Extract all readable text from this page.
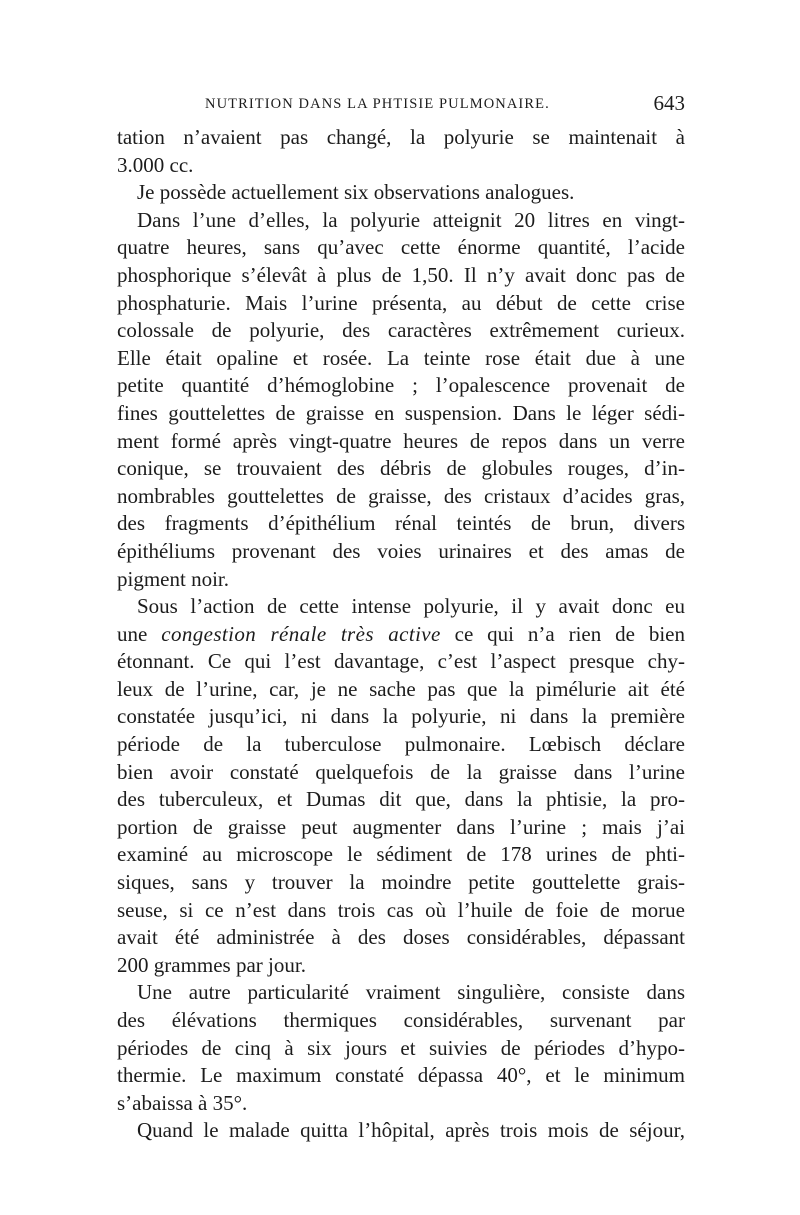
NUTRITION DANS LA PHTISIE PULMONAIRE.	643
tation n’avaient pas changé, la polyurie se maintenait à
3.000 cc.
Je possède actuellement six observations analogues.
Dans l’une d’elles, la polyurie atteignit 20 litres en vingt-
quatre heures, sans qu’avec cette énorme quantité, l’acide
phosphorique s’élevât à plus de 1,50. Il n’y avait donc pas de
phosphaturie. Mais l’urine présenta, au début de cette crise
colossale de polyurie, des caractères extrêmement curieux.
Elle était opaline et rosée. La teinte rose était due à une
petite quantité d’hémoglobine ; l’opalescence provenait de
fines gouttelettes de graisse en suspension. Dans le léger sédi-
ment formé après vingt-quatre heures de repos dans un verre
conique, se trouvaient des débris de globules rouges, d’in-
nombrables gouttelettes de graisse, des cristaux d’acides gras,
des fragments d’épithélium rénal teintés de brun, divers
épithéliums provenant des voies urinaires et des amas de
pigment noir.
Sous l’action de cette intense polyurie, il y avait donc eu
une congestion rénale très active ce qui n’a rien de bien
étonnant. Ce qui l’est davantage, c’est l’aspect presque chy-
leux de l’urine, car, je ne sache pas que la pimélurie ait été
constatée jusqu’ici, ni dans la polyurie, ni dans la première
période de la tuberculose pulmonaire. Lœbisch déclare
bien avoir constaté quelquefois de la graisse dans l’urine
des tuberculeux, et Dumas dit que, dans la phtisie, la pro-
portion de graisse peut augmenter dans l’urine ; mais j’ai
examiné au microscope le sédiment de 178 urines de phti-
siques, sans y trouver la moindre petite gouttelette grais-
seuse, si ce n’est dans trois cas où l’huile de foie de morue
avait été administrée à des doses considérables, dépassant
200 grammes par jour.
Une autre particularité vraiment singulière, consiste dans
des élévations thermiques considérables, survenant par
périodes de cinq à six jours et suivies de périodes d’hypo-
thermie. Le maximum constaté dépassa 40°, et le minimum
s’abaissa à 35°.
Quand le malade quitta l’hôpital, après trois mois de séjour,
